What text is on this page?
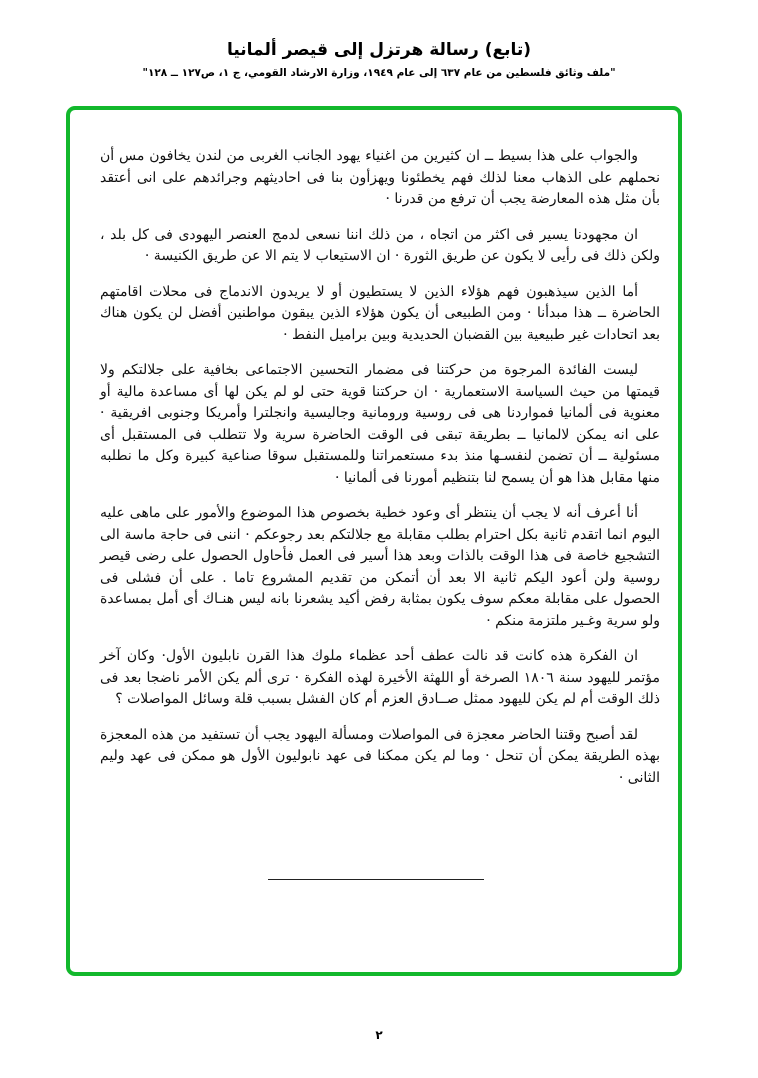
(تابع) رسالة هرتزل إلى قيصر ألمانيا
"ملف وثائق فلسطين من عام ٦٣٧ إلى عام ١٩٤٩، وزارة الارشاد القومي، ج ١، ص١٢٧ ــ ١٢٨"

والجواب على هذا بسيط ــ ان كثيرين من اغنياء يهود الجانب الغربى من لندن يخافون مس أن نحملهم على الذهاب معنا لذلك فهم يخطئونا ويهزأون بنا فى احاديثهم وجرائدهم على انى أعتقد بأن مثل هذه المعارضة يجب أن ترفع من قدرنا ·

ان مجهودنا يسير فى اكثر من اتجاه ، من ذلك اننا نسعى لدمج العنصر اليهودى فى كل بلد ، ولكن ذلك فى رأيى لا يكون عن طريق الثورة · ان الاستيعاب لا يتم الا عن طريق الكنيسة ·

أما الذين سيذهبون فهم هؤلاء الذين لا يستطيون أو لا يريدون الاندماج فى محلات اقامتهم الحاضرة ــ هذا مبدأنا · ومن الطبيعى أن يكون هؤلاء الذين يبقون مواطنين أفضل لن يكون هناك بعد اتحادات غير طبيعية بين القضبان الحديدية وبين براميل النفط ·

ليست الفائدة المرجوة من حركتنا فى مضمار التحسين الاجتماعى بخافية على جلالتكم ولا قيمتها من حيث السياسة الاستعمارية · ان حركتنا قوية حتى لو لم يكن لها أى مساعدة مالية أو معنوية فى ألمانيا فمواردنا هى فى روسية ورومانية وجاليسية وانجلترا وأمريكا وجنوبى افريقية · على انه يمكن لالمانيا ــ بطريقة تبقى فى الوقت الحاضرة سرية ولا تتطلب فى المستقبل أى مسئولية ــ أن تضمن لنفسـها منذ بدء مستعمراتنا وللمستقبل سوقا صناعية كبيرة وكل ما نطلبه منها مقابل هذا هو أن يسمح لنا بتنظيم أمورنا فى ألمانيا ·

أنا أعرف أنه لا يجب أن ينتظر أى وعود خطية بخصوص هذا الموضوع والأمور على ماهى عليه اليوم انما اتقدم ثانية بكل احترام بطلب مقابلة مع جلالتكم بعد رجوعكم · اننى فى حاجة ماسة الى التشجيع خاصة فى هذا الوقت بالذات وبعد هذا أسير فى العمل فأحاول الحصول على رضى قيصر روسية ولن أعود اليكم ثانية الا بعد أن أتمكن من تقديم المشروع تاما . على أن فشلى فى الحصول على مقابلة معكم سوف يكون بمثابة رفض أكيد يشعرنا بانه ليس هنـاك أى أمل بمساعدة ولو سرية وغـير ملتزمة منكم ·

ان الفكرة هذه كانت قد نالت عطف أحد عظماء ملوك هذا القرن نابليون الأول· وكان آخر مؤتمر لليهود سنة ١٨٠٦ الصرخة أو اللهثة الأخيرة لهذه الفكرة · ترى ألم يكن الأمر ناضجا بعد فى ذلك الوقت أم لم يكن لليهود ممثل صــادق العزم أم كان الفشل بسبب قلة وسائل المواصلات ؟

لقد أصبح وقتنا الحاضر معجزة فى المواصلات ومسألة اليهود يجب أن تستفيد من هذه المعجزة بهذه الطريقة يمكن أن تنحل · وما لم يكن ممكنا فى عهد نابوليون الأول هو ممكن فى عهد وليم الثانى ·

٢
